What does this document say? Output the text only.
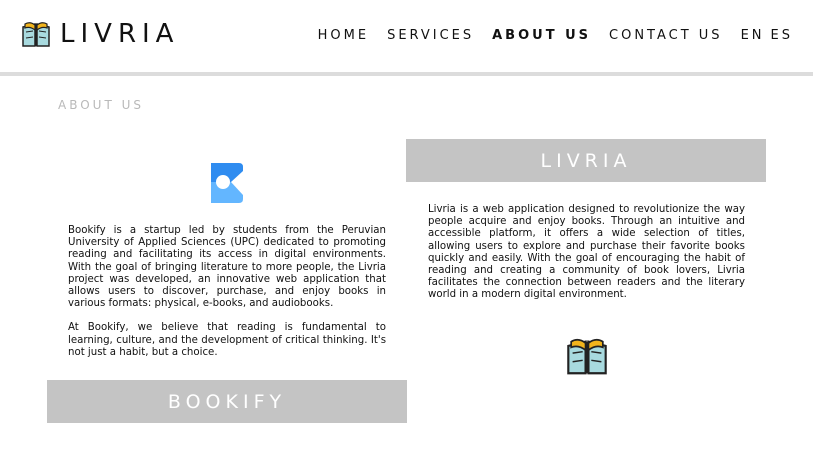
LIVRIA	HOME SERVICES ABOUT US CONTACT US EN ES
ABOUT US

Bookify is a startup led by students from the Peruvian University of Applied Sciences (UPC) dedicated to promoting reading and facilitating its access in digital environments. With the goal of bringing literature to more people, the Livria project was developed, an innovative web application that allows users to discover, purchase, and enjoy books in various formats: physical, e-books, and audiobooks.

At Bookify, we believe that reading is fundamental to learning, culture, and the development of critical thinking. It's not just a habit, but a choice.

BOOKIFY
LIVRIA
Livria is a web application designed to revolutionize the way people acquire and enjoy books. Through an intuitive and accessible platform, it offers a wide selection of titles, allowing users to explore and purchase their favorite books quickly and easily. With the goal of encouraging the habit of reading and creating a community of book lovers, Livria facilitates the connection between readers and the literary world in a modern digital environment.
